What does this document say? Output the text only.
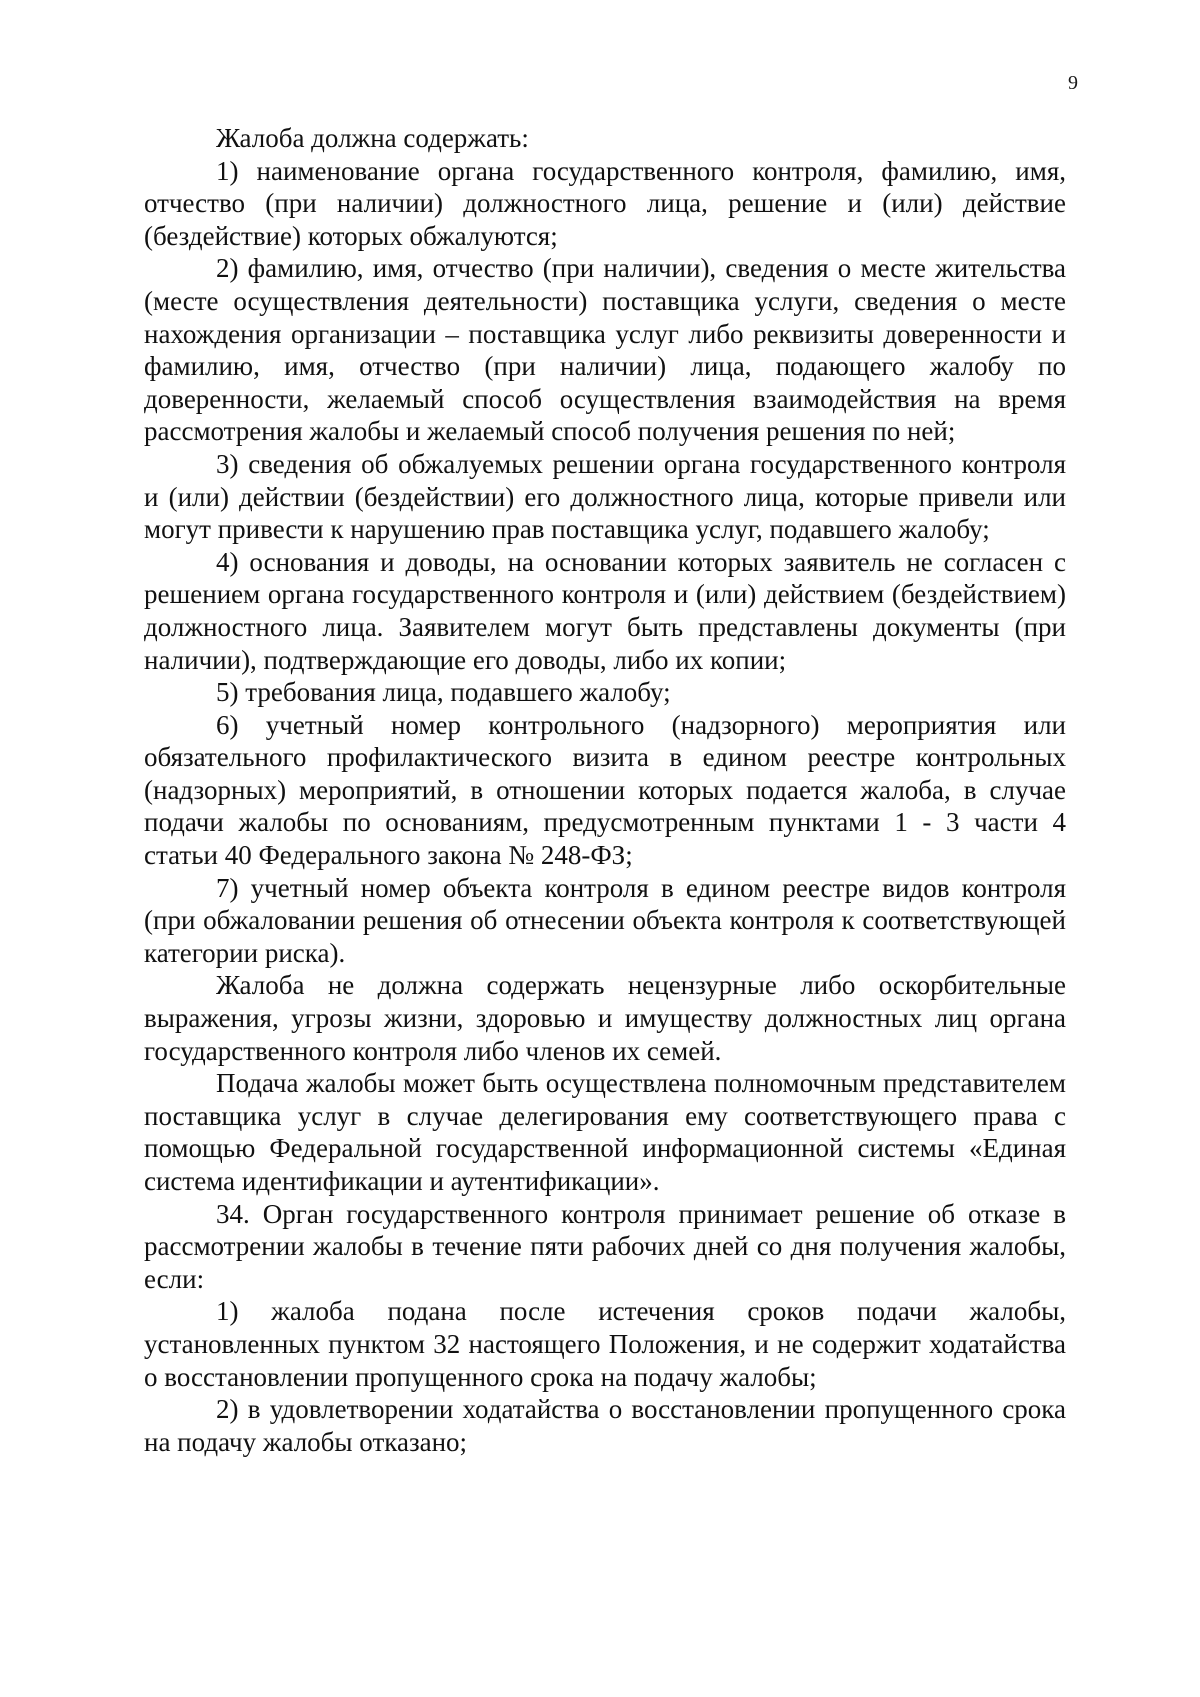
9

Жалоба должна содержать:

1) наименование органа государственного контроля, фамилию, имя, отчество (при наличии) должностного лица, решение и (или) действие (бездействие) которых обжалуются;

2) фамилию, имя, отчество (при наличии), сведения о месте жительства (месте осуществления деятельности) поставщика услуги, сведения о месте нахождения организации – поставщика услуг либо реквизиты доверенности и фамилию, имя, отчество (при наличии) лица, подающего жалобу по доверенности, желаемый способ осуществления взаимодействия на время рассмотрения жалобы и желаемый способ получения решения по ней;

3) сведения об обжалуемых решении органа государственного контроля и (или) действии (бездействии) его должностного лица, которые привели или могут привести к нарушению прав поставщика услуг, подавшего жалобу;

4) основания и доводы, на основании которых заявитель не согласен с решением органа государственного контроля и (или) действием (бездействием) должностного лица. Заявителем могут быть представлены документы (при наличии), подтверждающие его доводы, либо их копии;

5) требования лица, подавшего жалобу;

6) учетный номер контрольного (надзорного) мероприятия или обязательного профилактического визита в едином реестре контрольных (надзорных) мероприятий, в отношении которых подается жалоба, в случае подачи жалобы по основаниям, предусмотренным пунктами 1 - 3 части 4 статьи 40 Федерального закона № 248-ФЗ;

7) учетный номер объекта контроля в едином реестре видов контроля (при обжаловании решения об отнесении объекта контроля к соответствующей категории риска).

Жалоба не должна содержать нецензурные либо оскорбительные выражения, угрозы жизни, здоровью и имуществу должностных лиц органа государственного контроля либо членов их семей.

Подача жалобы может быть осуществлена полномочным представителем поставщика услуг в случае делегирования ему соответствующего права с помощью Федеральной государственной информационной системы «Единая система идентификации и аутентификации».

34. Орган государственного контроля принимает решение об отказе в рассмотрении жалобы в течение пяти рабочих дней со дня получения жалобы, если:

1) жалоба подана после истечения сроков подачи жалобы, установленных пунктом 32 настоящего Положения, и не содержит ходатайства о восстановлении пропущенного срока на подачу жалобы;

2) в удовлетворении ходатайства о восстановлении пропущенного срока на подачу жалобы отказано;
